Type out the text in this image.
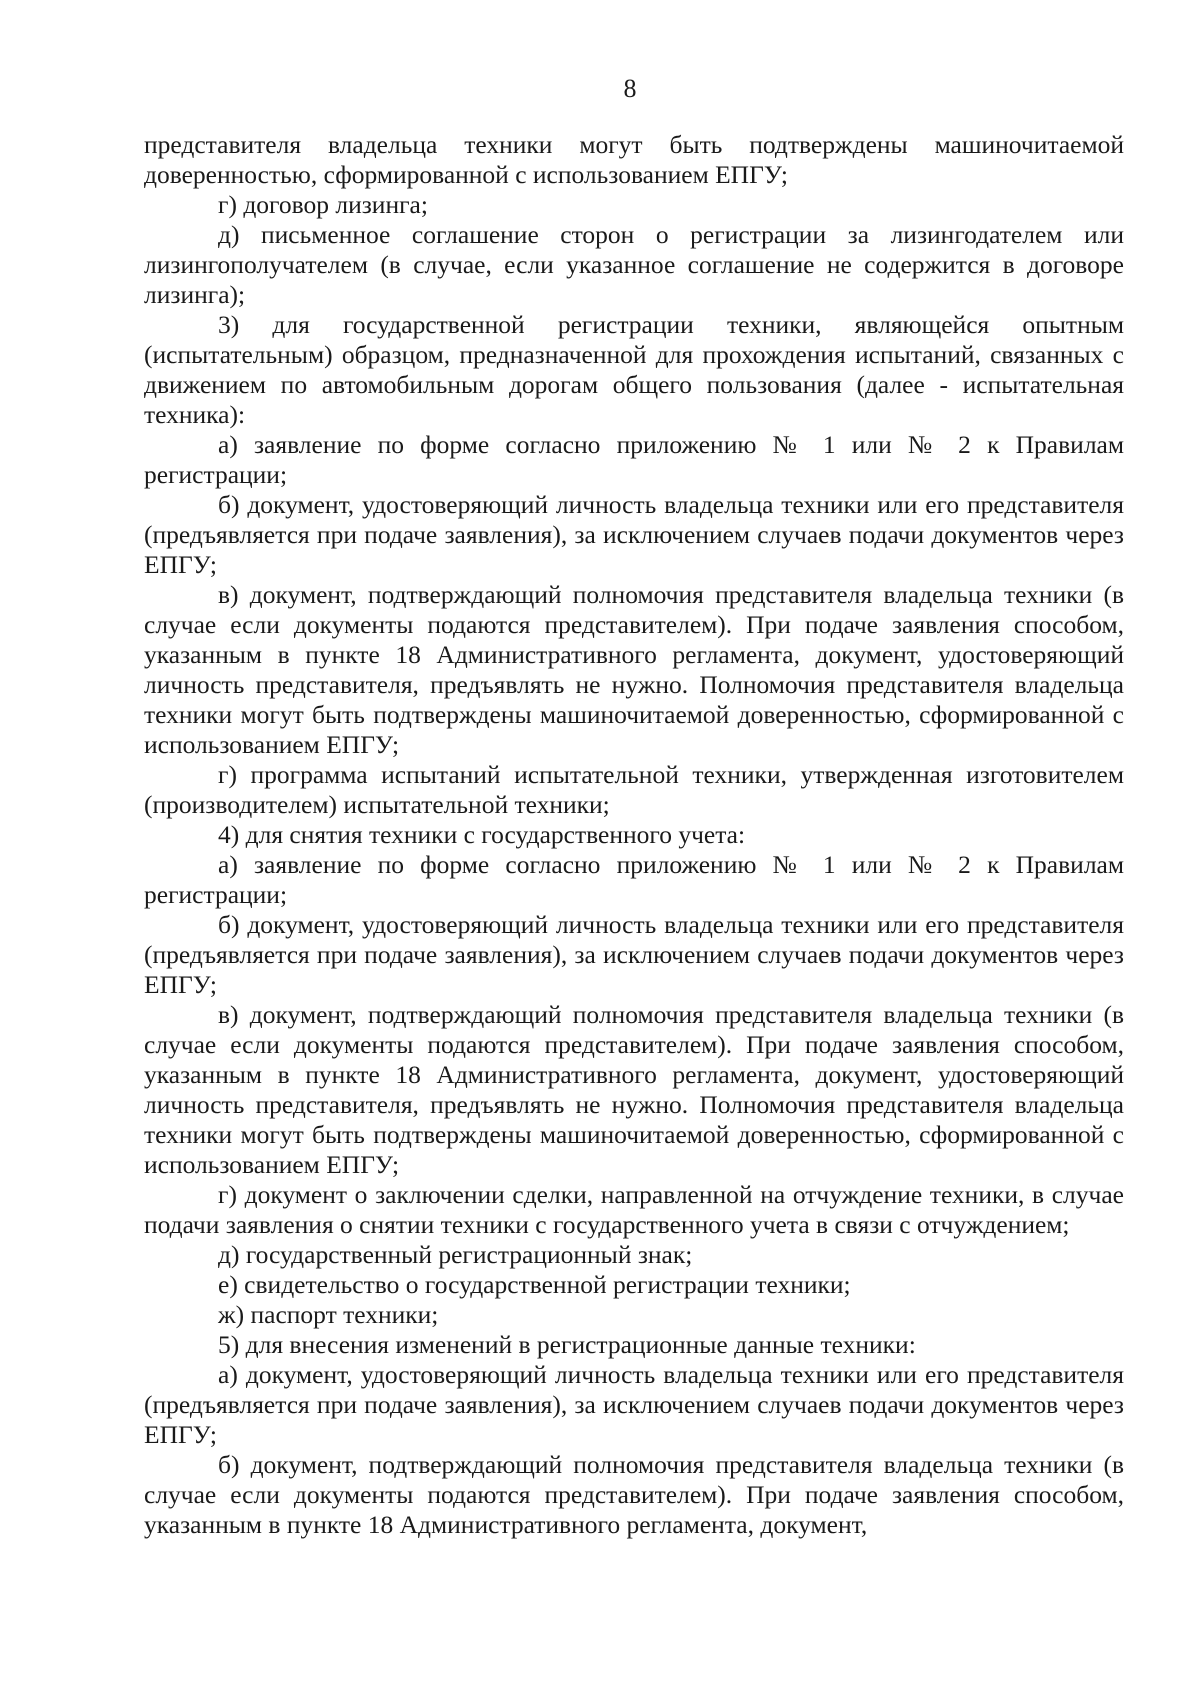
8

представителя владельца техники могут быть подтверждены машиночитаемой доверенностью, сформированной с использованием ЕПГУ;

г) договор лизинга;

д) письменное соглашение сторон о регистрации за лизингодателем или лизингополучателем (в случае, если указанное соглашение не содержится в договоре лизинга);

3) для государственной регистрации техники, являющейся опытным (испытательным) образцом, предназначенной для прохождения испытаний, связанных с движением по автомобильным дорогам общего пользования (далее - испытательная техника):

а) заявление по форме согласно приложению № 1 или № 2 к Правилам регистрации;

б) документ, удостоверяющий личность владельца техники или его представителя (предъявляется при подаче заявления), за исключением случаев подачи документов через ЕПГУ;

в) документ, подтверждающий полномочия представителя владельца техники (в случае если документы подаются представителем). При подаче заявления способом, указанным в пункте 18 Административного регламента, документ, удостоверяющий личность представителя, предъявлять не нужно. Полномочия представителя владельца техники могут быть подтверждены машиночитаемой доверенностью, сформированной с использованием ЕПГУ;

г) программа испытаний испытательной техники, утвержденная изготовителем (производителем) испытательной техники;

4) для снятия техники с государственного учета:

а) заявление по форме согласно приложению № 1 или № 2 к Правилам регистрации;

б) документ, удостоверяющий личность владельца техники или его представителя (предъявляется при подаче заявления), за исключением случаев подачи документов через ЕПГУ;

в) документ, подтверждающий полномочия представителя владельца техники (в случае если документы подаются представителем). При подаче заявления способом, указанным в пункте 18 Административного регламента, документ, удостоверяющий личность представителя, предъявлять не нужно. Полномочия представителя владельца техники могут быть подтверждены машиночитаемой доверенностью, сформированной с использованием ЕПГУ;

г) документ о заключении сделки, направленной на отчуждение техники, в случае подачи заявления о снятии техники с государственного учета в связи с отчуждением;

д) государственный регистрационный знак;

е) свидетельство о государственной регистрации техники;

ж) паспорт техники;

5) для внесения изменений в регистрационные данные техники:

а) документ, удостоверяющий личность владельца техники или его представителя (предъявляется при подаче заявления), за исключением случаев подачи документов через ЕПГУ;

б) документ, подтверждающий полномочия представителя владельца техники (в случае если документы подаются представителем). При подаче заявления способом, указанным в пункте 18 Административного регламента, документ,
